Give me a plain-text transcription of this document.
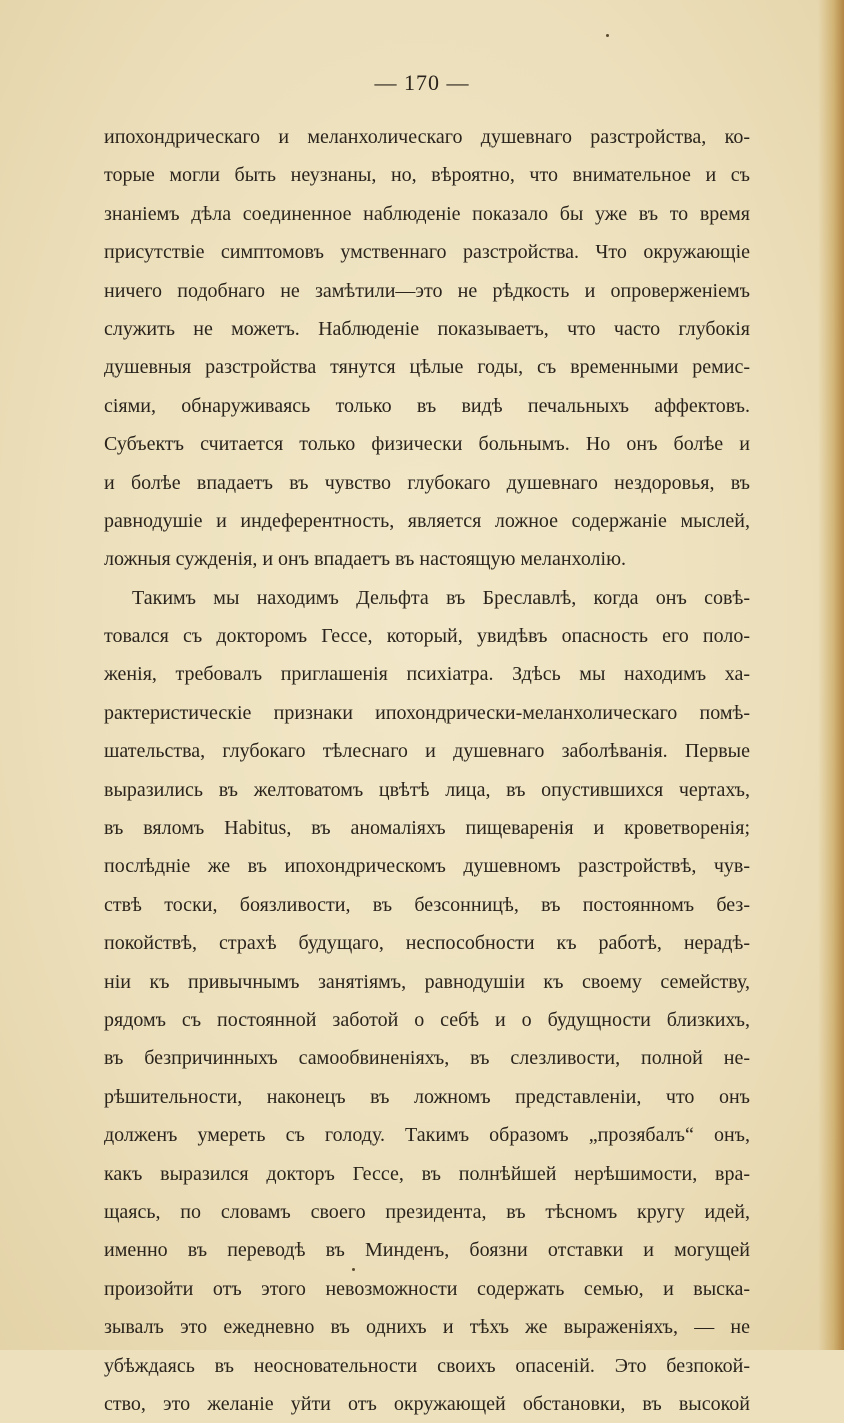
— 170 —
ипохондрическаго и меланхолическаго душевнаго разстройства, ко-
торые могли быть неузнаны, но, вѣроятно, что внимательное и съ
знаніемъ дѣла соединенное наблюденіе показало бы уже въ то время
присутствіе симптомовъ умственнаго разстройства. Что окружающіе
ничего подобнаго не замѣтили—это не рѣдкость и опроверженіемъ
служить не можетъ. Наблюденіе показываетъ, что часто глубокія
душевныя разстройства тянутся цѣлые годы, съ временными ремис-
сіями, обнаруживаясь только въ видѣ печальныхъ аффектовъ.
Субъектъ считается только физически больнымъ. Но онъ болѣе и
и болѣе впадаетъ въ чувство глубокаго душевнаго нездоровья, въ
равнодушіе и индеферентность, является ложное содержаніе мыслей,
ложныя сужденія, и онъ впадаетъ въ настоящую меланхолію.
Такимъ мы находимъ Дельфта въ Бреславлѣ, когда онъ совѣ-
товался съ докторомъ Гессе, который, увидѣвъ опасность его поло-
женія, требовалъ приглашенія психіатра. Здѣсь мы находимъ ха-
рактеристическіе признаки ипохондрически-меланхолическаго помѣ-
шательства, глубокаго тѣлеснаго и душевнаго заболѣванія. Первые
выразились въ желтоватомъ цвѣтѣ лица, въ опустившихся чертахъ,
въ вяломъ Habitus, въ аномаліяхъ пищеваренія и кроветворенія;
послѣдніе же въ ипохондрическомъ душевномъ разстройствѣ, чув-
ствѣ тоски, боязливости, въ безсонницѣ, въ постоянномъ без-
покойствѣ, страхѣ будущаго, неспособности къ работѣ, нерадѣ-
ніи къ привычнымъ занятіямъ, равнодушіи къ своему семейству,
рядомъ съ постоянной заботой о себѣ и о будущности близкихъ,
въ безпричинныхъ самообвиненіяхъ, въ слезливости, полной не-
рѣшительности, наконецъ въ ложномъ представленіи, что онъ
долженъ умереть съ голоду. Такимъ образомъ „прозябалъ“ онъ,
какъ выразился докторъ Гессе, въ полнѣйшей нерѣшимости, вра-
щаясь, по словамъ своего президента, въ тѣсномъ кругу идей,
именно въ переводѣ въ Минденъ, боязни отставки и могущей
произойти отъ этого невозможности содержать семью, и выска-
зывалъ это ежедневно въ однихъ и тѣхъ же выраженіяхъ, — не
убѣждаясь въ неосновательности своихъ опасеній. Это безпокой-
ство, это желаніе уйти отъ окружающей обстановки, въ высокой
